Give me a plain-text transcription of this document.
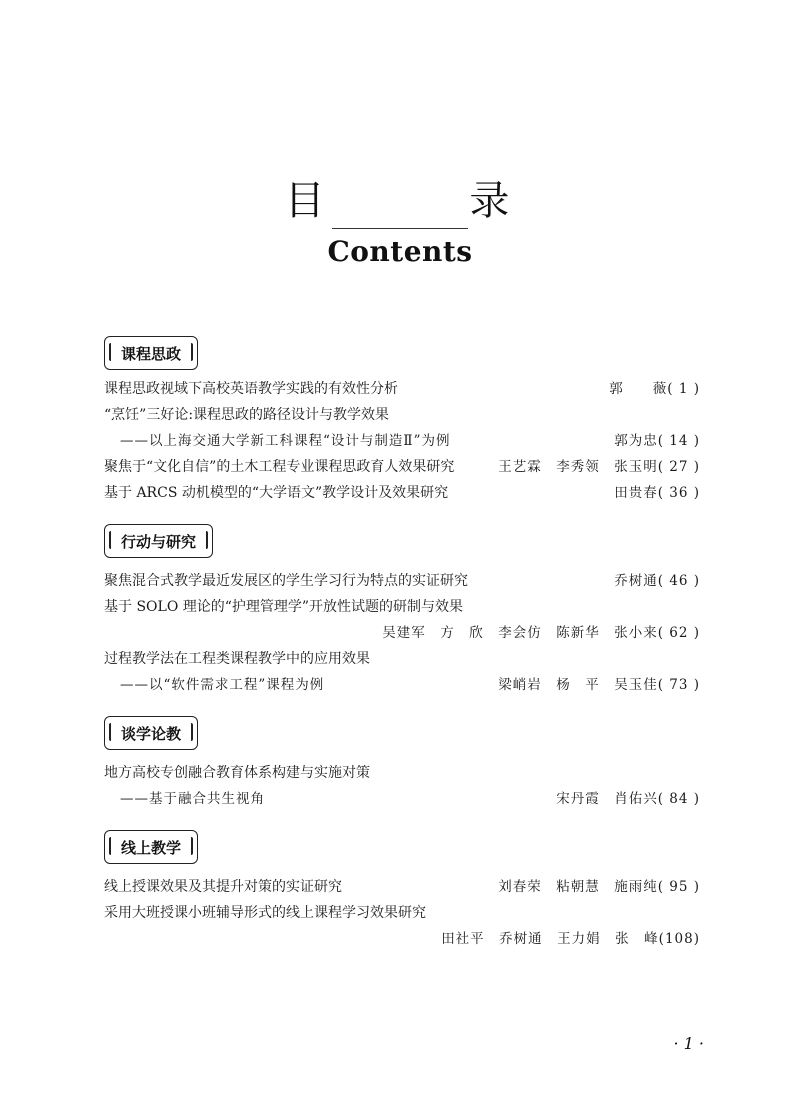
目 录
Contents
课程思政
课程思政视域下高校英语教学实践的有效性分析	郭　　薇( 1 )
“烹饪”三好论:课程思政的路径设计与教学效果
——以上海交通大学新工科课程“设计与制造Ⅱ”为例	郭为忠( 14 )
聚焦于“文化自信”的土木工程专业课程思政育人效果研究	王艺霖　李秀领　张玉明( 27 )
基于 ARCS 动机模型的“大学语文”教学设计及效果研究	田贵春( 36 )
行动与研究
聚焦混合式教学最近发展区的学生学习行为特点的实证研究	乔树通( 46 )
基于 SOLO 理论的“护理管理学”开放性试题的研制与效果
吴建军　方　欣　李会仿　陈新华　张小来( 62 )
过程教学法在工程类课程教学中的应用效果
——以“软件需求工程”课程为例	梁峭岩　杨　平　吴玉佳( 73 )
谈学论教
地方高校专创融合教育体系构建与实施对策
——基于融合共生视角	宋丹霞　肖佑兴( 84 )
线上教学
线上授课效果及其提升对策的实证研究	刘春荣　粘朝慧　施雨纯( 95 )
采用大班授课小班辅导形式的线上课程学习效果研究
田社平　乔树通　王力娟　张　峰(108)
· 1 ·
